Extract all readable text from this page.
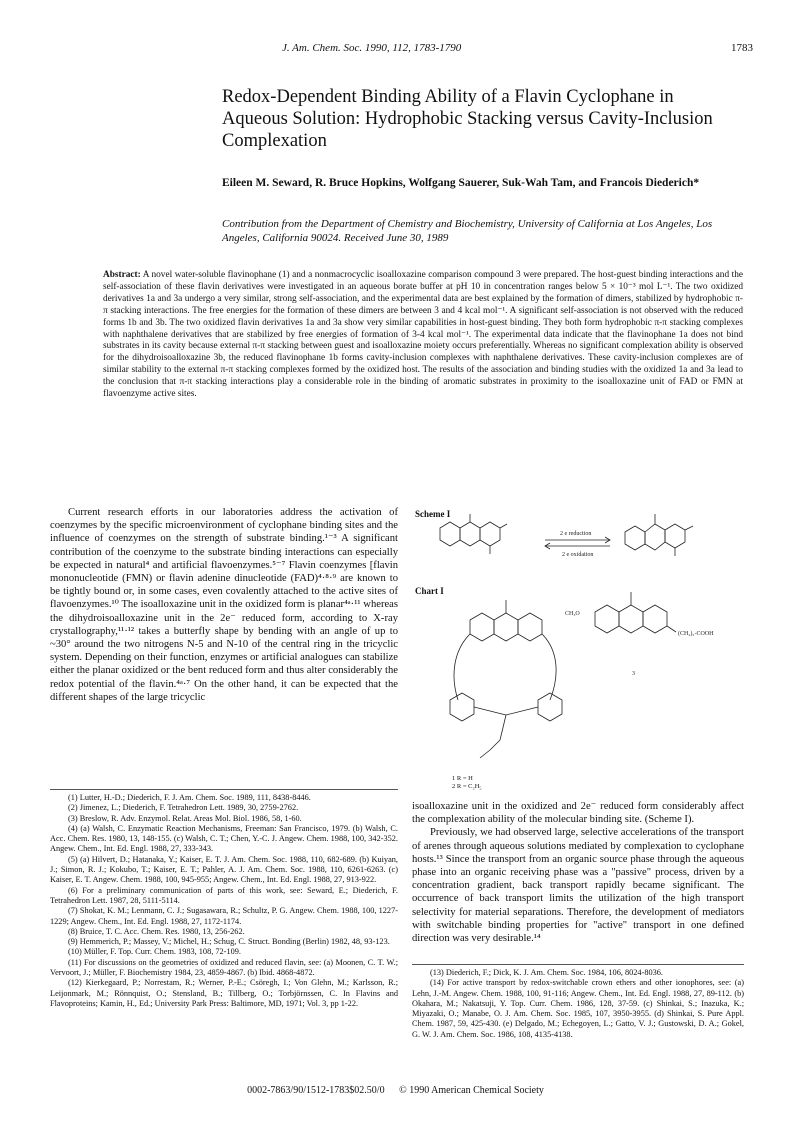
J. Am. Chem. Soc. 1990, 112, 1783-1790	1783
Redox-Dependent Binding Ability of a Flavin Cyclophane in Aqueous Solution: Hydrophobic Stacking versus Cavity-Inclusion Complexation
Eileen M. Seward, R. Bruce Hopkins, Wolfgang Sauerer, Suk-Wah Tam, and Francois Diederich*
Contribution from the Department of Chemistry and Biochemistry, University of California at Los Angeles, Los Angeles, California 90024. Received June 30, 1989
Abstract: A novel water-soluble flavinophane (1) and a nonmacrocyclic isoalloxazine comparison compound 3 were prepared. The host-guest binding interactions and the self-association of these flavin derivatives were investigated in an aqueous borate buffer at pH 10 in concentration ranges below 5 × 10⁻³ mol L⁻¹. The two oxidized derivatives 1a and 3a undergo a very similar, strong self-association, and the experimental data are best explained by the formation of dimers, stabilized by hydrophobic π-π stacking interactions. The free energies for the formation of these dimers are between 3 and 4 kcal mol⁻¹. A significant self-association is not observed with the reduced forms 1b and 3b. The two oxidized flavin derivatives 1a and 3a show very similar capabilities in host-guest binding. They both form hydrophobic π-π stacking complexes with naphthalene derivatives that are stabilized by free energies of formation of 3-4 kcal mol⁻¹. The experimental data indicate that the flavinophane 1a does not bind substrates in its cavity because external π-π stacking between guest and isoalloxazine moiety occurs preferentially. Whereas no significant complexation ability is observed for the dihydroisoalloxazine 3b, the reduced flavinophane 1b forms cavity-inclusion complexes with naphthalene derivatives. These cavity-inclusion complexes are of similar stability to the external π-π stacking complexes formed by the oxidized host. The results of the association and binding studies with the oxidized 1a and 3a lead to the conclusion that π-π stacking interactions play a considerable role in the binding of aromatic substrates in proximity to the isoalloxazine unit of FAD or FMN at flavoenzyme active sites.
Current research efforts in our laboratories address the activation of coenzymes by the specific microenvironment of cyclophane binding sites and the influence of coenzymes on the strength of substrate binding.¹⁻³ A significant contribution of the coenzyme to the substrate binding interactions can especially be expected in natural⁴ and artificial flavoenzymes.⁵⁻⁷ Flavin coenzymes [flavin mononucleotide (FMN) or flavin adenine dinucleotide (FAD)⁴·⁸·⁹ are known to be tightly bound or, in some cases, even covalently attached to the active sites of flavoenzymes.¹⁰ The isoalloxazine unit in the oxidized form is planar⁴ᵃ·¹¹ whereas the dihydroisoalloxazine unit in the 2e⁻ reduced form, according to X-ray crystallography,¹¹·¹² takes a butterfly shape by bending with an angle of up to ~30° around the two nitrogens N-5 and N-10 of the central ring in the tricyclic system. Depending on their function, enzymes or artificial analogues can stabilize either the planar oxidized or the bent reduced form and thus alter considerably the redox potential of the flavin.⁴ᵃ·⁷ On the other hand, it can be expected that the different shapes of the large tricyclic

(1) Lutter, H.-D.; Diederich, F. J. Am. Chem. Soc. 1989, 111, 8438-8446.

(2) Jimenez, L.; Diederich, F. Tetrahedron Lett. 1989, 30, 2759-2762.

(3) Breslow, R. Adv. Enzymol. Relat. Areas Mol. Biol. 1986, 58, 1-60.

(4) (a) Walsh, C. Enzymatic Reaction Mechanisms, Freeman: San Francisco, 1979. (b) Walsh, C. Acc. Chem. Res. 1980, 13, 148-155. (c) Walsh, C. T.; Chen, Y.-C. J. Angew. Chem. 1988, 100, 342-352. Angew. Chem., Int. Ed. Engl. 1988, 27, 333-343.

(5) (a) Hilvert, D.; Hatanaka, Y.; Kaiser, E. T. J. Am. Chem. Soc. 1988, 110, 682-689. (b) Kuiyan, J.; Simon, R. J.; Kokubo, T.; Kaiser, E. T.; Pahler, A. J. Am. Chem. Soc. 1988, 110, 6261-6263. (c) Kaiser, E. T. Angew. Chem. 1988, 100, 945-955; Angew. Chem., Int. Ed. Engl. 1988, 27, 913-922.

(6) For a preliminary communication of parts of this work, see: Seward, E.; Diederich, F. Tetrahedron Lett. 1987, 28, 5111-5114.

(7) Shokat, K. M.; Lenmann, C. J.; Sugasawara, R.; Schultz, P. G. Angew. Chem. 1988, 100, 1227-1229; Angew. Chem., Int. Ed. Engl. 1988, 27, 1172-1174.

(8) Bruice, T. C. Acc. Chem. Res. 1980, 13, 256-262.

(9) Hemmerich, P.; Massey, V.; Michel, H.; Schug, C. Struct. Bonding (Berlin) 1982, 48, 93-123.

(10) Müller, F. Top. Curr. Chem. 1983, 108, 72-109.

(11) For discussions on the geometries of oxidized and reduced flavin, see: (a) Moonen, C. T. W.; Vervoort, J.; Müller, F. Biochemistry 1984, 23, 4859-4867. (b) Ibid. 4868-4872.

(12) Kierkegaard, P.; Norrestam, R.; Werner, P.-E.; Csöregh, I.; Von Glehn, M.; Karlsson, R.; Leijonmark, M.; Rönnquist, O.; Stensland, B.; Tillberg, O.; Torbjörnssen, C. In Flavins and Flavoproteins; Kamin, H., Ed.; University Park Press: Baltimore, MD, 1971; Vol. 3, pp 1-22.

Scheme I
Chart I
2 e reduction
2 e oxidation
CH₃O
(CH₂)₅-COOH
3
1 R = H
2 R = C₂H₅

isoalloxazine unit in the oxidized and 2e⁻ reduced form considerably affect the complexation ability of the molecular binding site. (Scheme I).

Previously, we had observed large, selective accelerations of the transport of arenes through aqueous solutions mediated by complexation to cyclophane hosts.¹³ Since the transport from an organic source phase through the aqueous phase into an organic receiving phase was a "passive" process, driven by a concentration gradient, back transport rapidly became significant. The occurrence of back transport limits the utilization of the high transport selectivity for material separations. Therefore, the development of mediators with switchable binding properties for "active" transport in one defined direction was very desirable.¹⁴

(13) Diederich, F.; Dick, K. J. Am. Chem. Soc. 1984, 106, 8024-8036.

(14) For active transport by redox-switchable crown ethers and other ionophores, see: (a) Lehn, J.-M. Angew. Chem. 1988, 100, 91-116; Angew. Chem., Int. Ed. Engl. 1988, 27, 89-112. (b) Okahara, M.; Nakatsuji, Y. Top. Curr. Chem. 1986, 128, 37-59. (c) Shinkai, S.; Inazuka, K.; Miyazaki, O.; Manabe, O. J. Am. Chem. Soc. 1985, 107, 3950-3955. (d) Shinkai, S. Pure Appl. Chem. 1987, 59, 425-430. (e) Delgado, M.; Echegoyen, L.; Gatto, V. J.; Gustowski, D. A.; Gokel, G. W. J. Am. Chem. Soc. 1986, 108, 4135-4138.

0002-7863/90/1512-1783$02.50/0 © 1990 American Chemical Society
